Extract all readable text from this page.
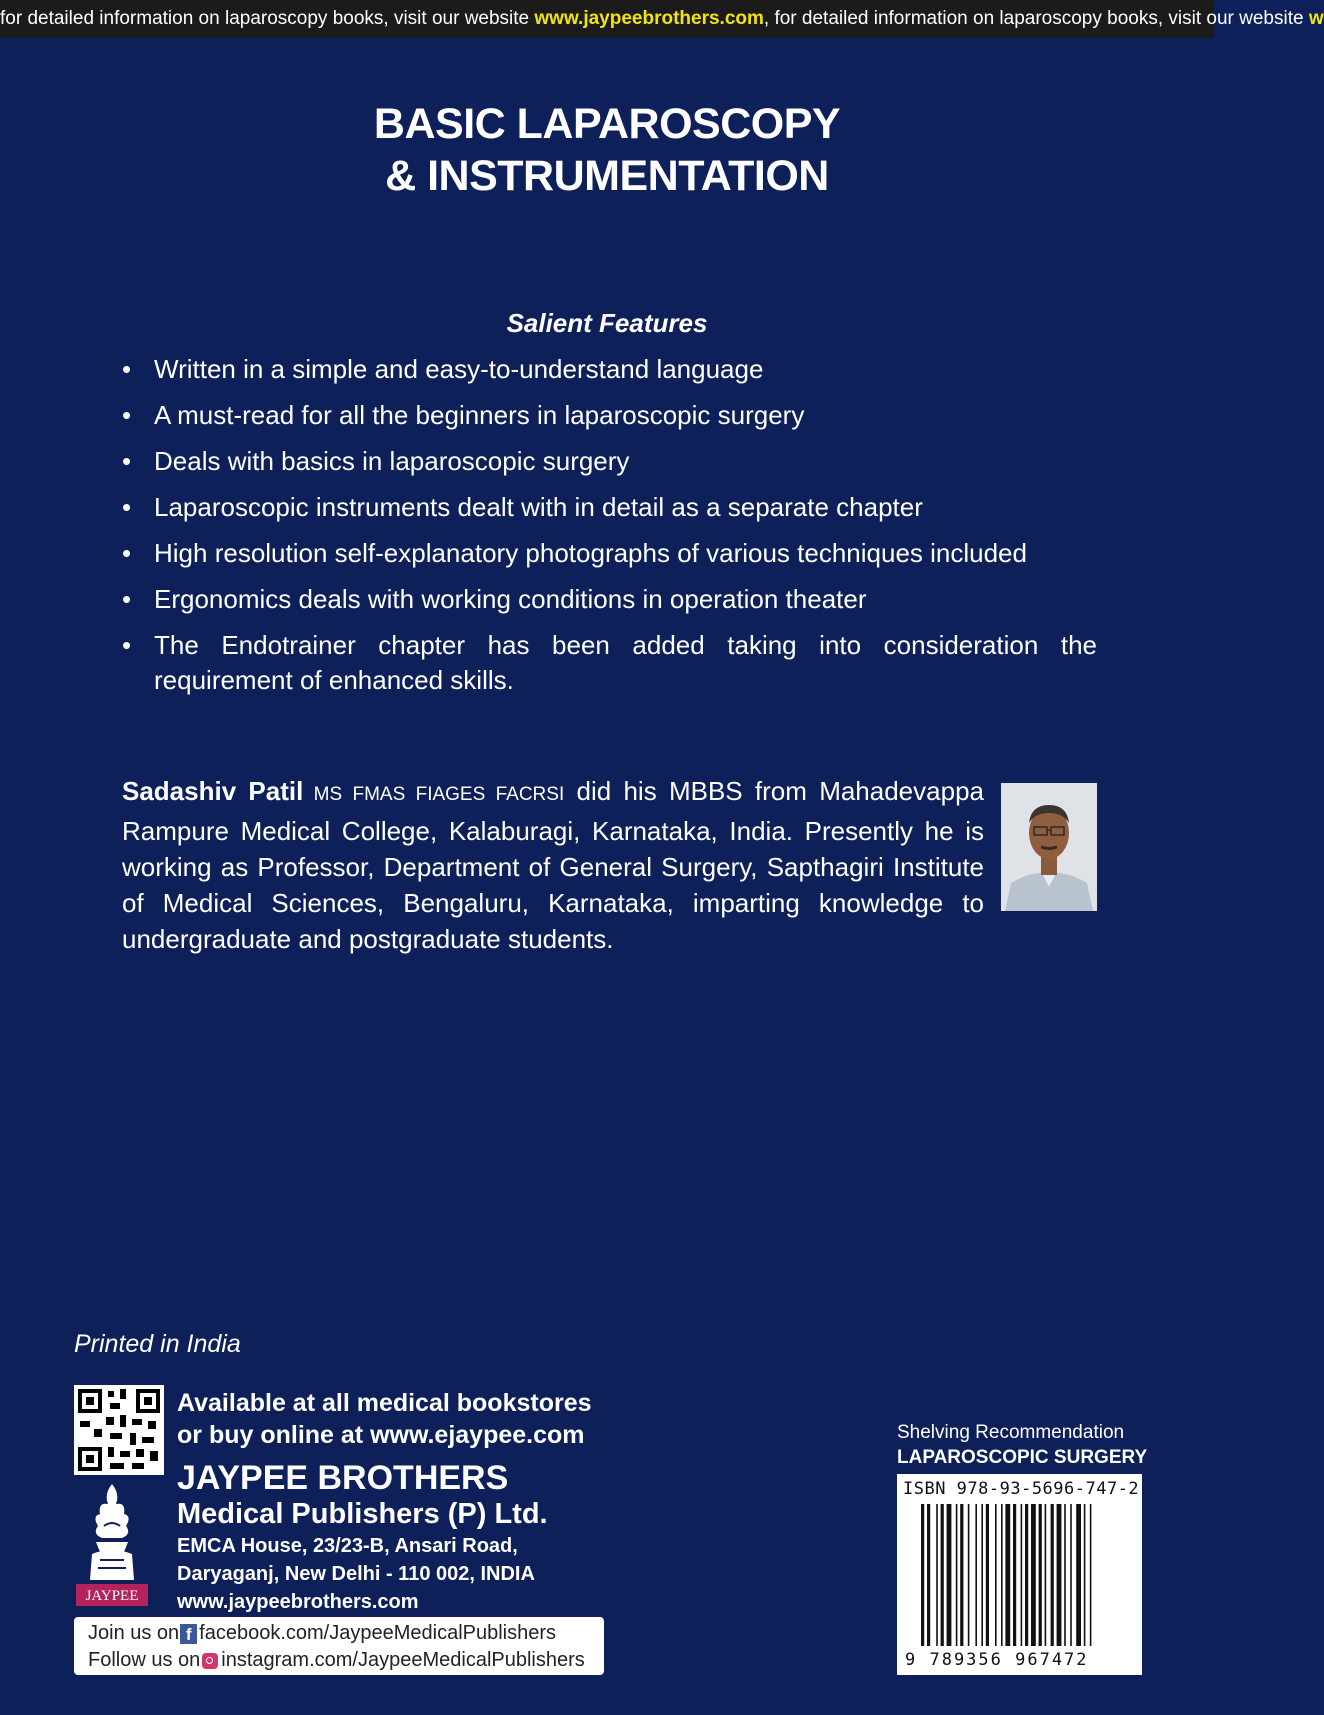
for detailed information on laparoscopy books, visit our website www.jaypeebrothers.com, for detailed information on laparoscopy books, visit our website w
BASIC LAPAROSCOPY
& INSTRUMENTATION
Salient Features
• Written in a simple and easy-to-understand language
• A must-read for all the beginners in laparoscopic surgery
• Deals with basics in laparoscopic surgery
• Laparoscopic instruments dealt with in detail as a separate chapter
• High resolution self-explanatory photographs of various techniques included
• Ergonomics deals with working conditions in operation theater
• The Endotrainer chapter has been added taking into consideration the requirement of enhanced skills.
Sadashiv Patil MS FMAS FIAGES FACRSI did his MBBS from Mahadevappa Rampure Medical College, Kalaburagi, Karnataka, India. Presently he is working as Professor, Department of General Surgery, Sapthagiri Institute of Medical Sciences, Bengaluru, Karnataka, imparting knowledge to undergraduate and postgraduate students.
Printed in India
Available at all medical bookstores
or buy online at www.ejaypee.com
JAYPEE
JAYPEE BROTHERS
Medical Publishers (P) Ltd.
EMCA House, 23/23-B, Ansari Road,
Daryaganj, New Delhi - 110 002, INDIA
www.jaypeebrothers.com
Join us on f facebook.com/JaypeeMedicalPublishers
Follow us on instagram.com/JaypeeMedicalPublishers
Shelving Recommendation
LAPAROSCOPIC SURGERY
ISBN 978-93-5696-747-2
9 789356 967472
